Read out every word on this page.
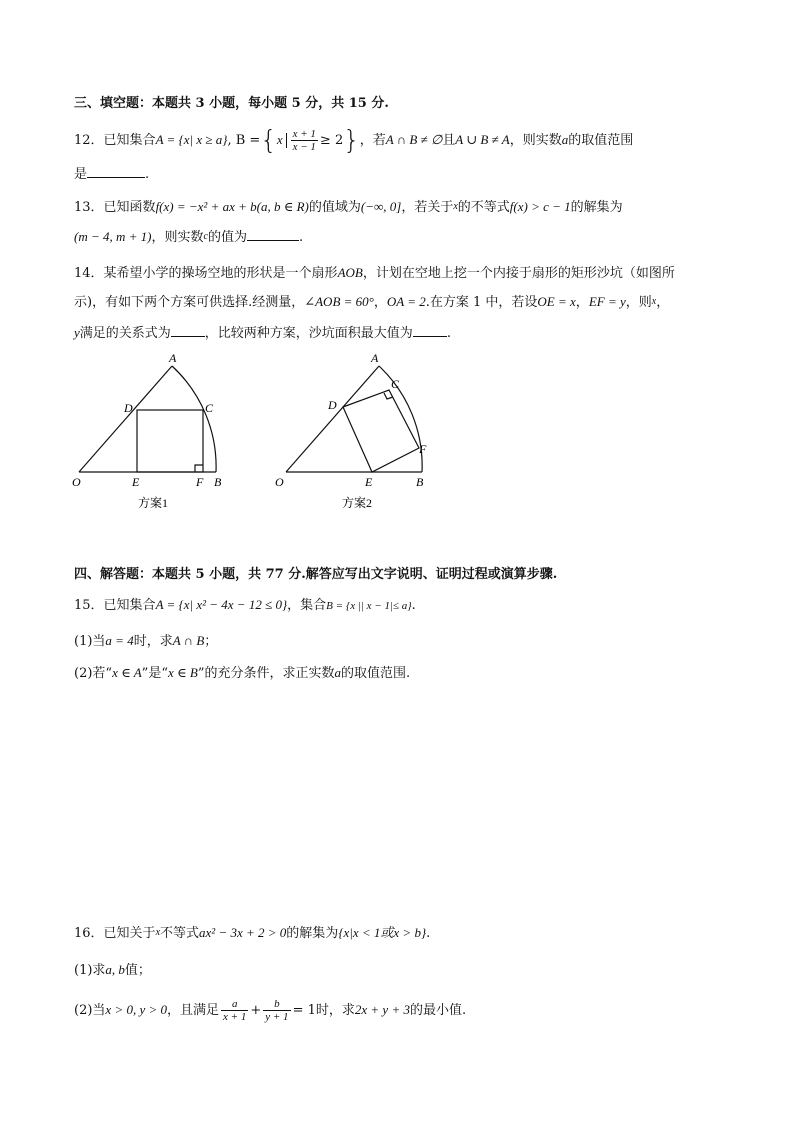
三、填空题：本题共 3 小题，每小题 5 分，共 15 分.
12．已知集合A = {x| x ≥ a}, $B =\{x \frac{x + 1}{x - 1} \ge 2\}$，若A ∩ B ≠ ∅且A ∪ B ≠ A，则实数a的取值范围
是	.
13．已知函数f(x) = −x² + ax + b(a, b ∈ R)的值域为(−∞, 0]，若关于$^x$的不等式f(x) > c − 1的解集为
(m − 4, m + 1)，则实数$^c$的值为	.
14．某希望小学的操场空地的形状是一个扇形AOB，计划在空地上挖一个内接于扇形的矩形沙坑（如图所
示)，有如下两个方案可供选择.经测量，∠AOB = 60°，OA = 2.在方案 1 中，若设OE = x，EF = y，则$^x$，
y满足的关系式为	，比较两种方案，沙坑面积最大值为	.
A
D	C
O	E	F B
方案1
A
C
D
F
O	E	B
方案2
四、解答题：本题共 5 小题，共 77 分.解答应写出文字说明、证明过程或演算步骤.
15．已知集合A = {x| x² − 4x − 12 ≤ 0}，集合B = {x || x − 1|≤ a}.
(1)当a = 4时，求A ∩ B；
(2)若“x ∈ A”是“x ∈ B”的充分条件，求正实数a的取值范围.
16．已知关于$^x$不等式ax² − 3x + 2 > 0的解集为{x|x < 1或x > b}.
(1)求a, b值；
(2)当x > 0, y > 0，且满足 $\frac{a}{x + 1} + \frac{b}{y + 1} = 1$时，求2x + y + 3的最小值.
